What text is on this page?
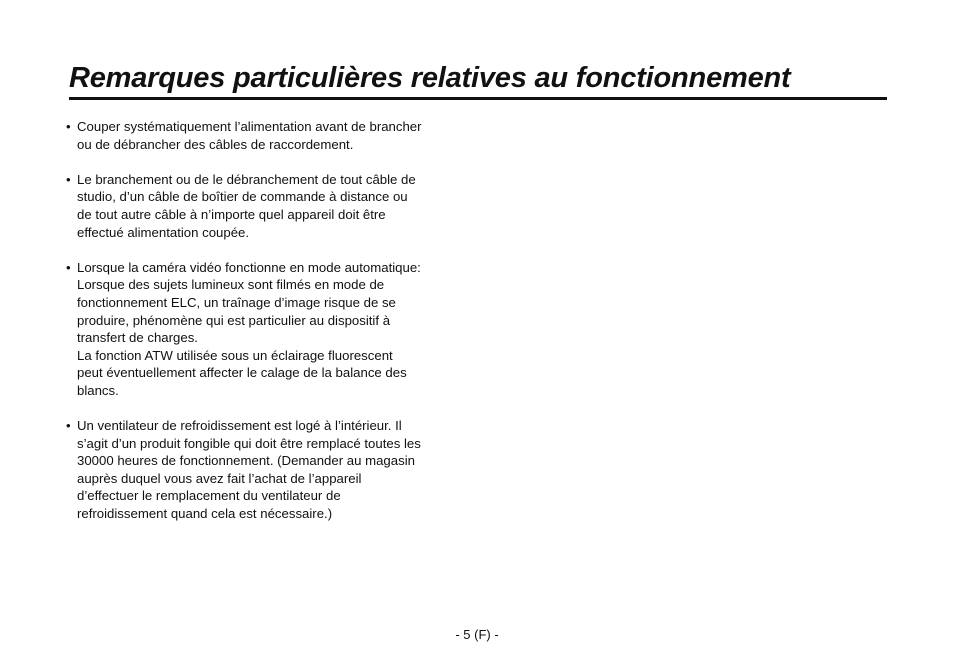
Remarques particulières relatives au fonctionnement
• Couper systématiquement l’alimentation avant de brancher
ou de débrancher des câbles de raccordement.
• Le branchement ou de le débranchement de tout câble de
studio, d’un câble de boîtier de commande à distance ou
de tout autre câble à n’importe quel appareil doit être
effectué alimentation coupée.
• Lorsque la caméra vidéo fonctionne en mode automatique:
Lorsque des sujets lumineux sont filmés en mode de
fonctionnement ELC, un traînage d’image risque de se
produire, phénomène qui est particulier au dispositif à
transfert de charges.
La fonction ATW utilisée sous un éclairage fluorescent
peut éventuellement affecter le calage de la balance des
blancs.
• Un ventilateur de refroidissement est logé à l’intérieur. Il
s’agit d’un produit fongible qui doit être remplacé toutes les
30000 heures de fonctionnement. (Demander au magasin
auprès duquel vous avez fait l’achat de l’appareil
d’effectuer le remplacement du ventilateur de
refroidissement quand cela est nécessaire.)
- 5 (F) -
